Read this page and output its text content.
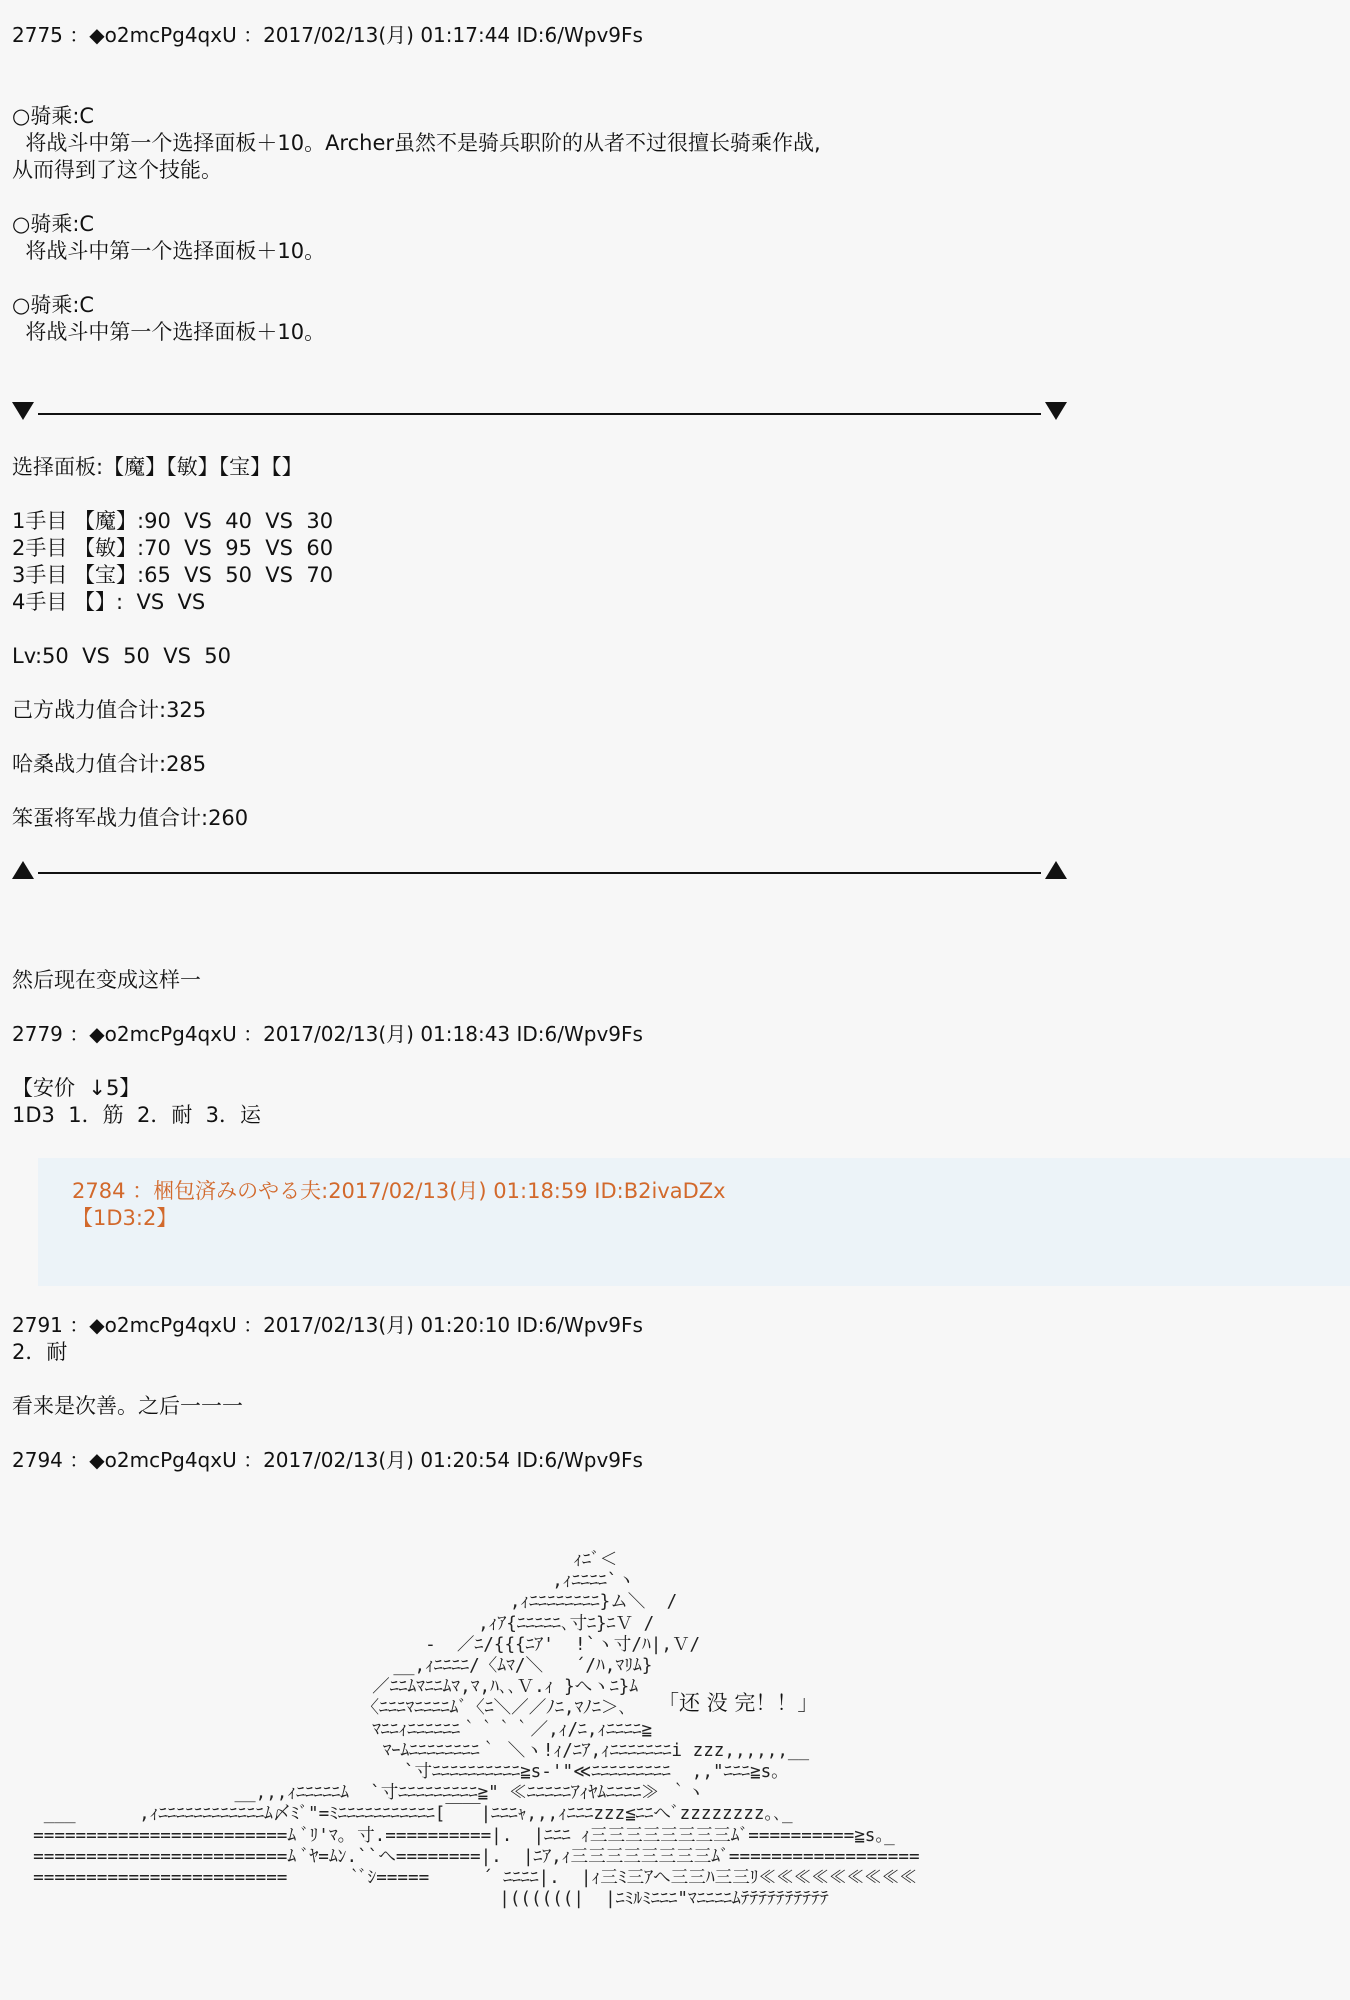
2775 ：◆o2mcPg4qxU ：2017/02/13(月) 01:17:44 ID:6/Wpv9Fs
○骑乘:C
将战斗中第一个选择面板＋10。Archer虽然不是骑兵职阶的从者不过很擅长骑乘作战,
从而得到了这个技能。
○骑乘:C
将战斗中第一个选择面板＋10。
○骑乘:C
将战斗中第一个选择面板＋10。
选择面板:【魔】【敏】【宝】【】
1手目 【魔】:90  VS  40  VS  30
2手目 【敏】:70  VS  95  VS  60
3手目 【宝】:65  VS  50  VS  70
4手目 【】:  VS  VS
Lv:50  VS  50  VS  50
己方战力值合计:325
哈桑战力值合计:285
笨蛋将军战力值合计:260
然后现在变成这样一
2779 ：◆o2mcPg4qxU ：2017/02/13(月) 01:18:43 ID:6/Wpv9Fs
【安价  ↓5】
1D3  1．筋  2．耐  3．运
2784 ：梱包済みのやる夫:2017/02/13(月) 01:18:59 ID:B2ivaDZx
【1D3:2】
2791 ：◆o2mcPg4qxU ：2017/02/13(月) 01:20:10 ID:6/Wpv9Fs
2．耐
看来是次善。之后一一一
2794 ：◆o2mcPg4qxU ：2017/02/13(月) 01:20:54 ID:6/Wpv9Fs
ｨﾆﾞ＜
,ｨﾆﾆﾆﾆ`ヽ
,ｨﾆﾆﾆﾆﾆﾆﾆﾆ}ム＼  /
,ｨｱ{ﾆﾆﾆﾆﾆ､寸ﾆ}ﾆＶ /
-  ／ﾆ/{{{ﾆｱ'  !`ヽ寸/ﾊ|,Ｖ/
__,ｨﾆﾆﾆﾆ/〈ﾑﾏ/＼   ´/ﾊ,ﾏﾘﾑ}
／ﾆﾆﾑﾏﾆﾆﾑﾏ,ﾏ,ﾊ､､Ｖ.ｨ }へヽﾆ}ﾑ
〈ﾆﾆﾆﾏﾆﾆﾆﾆﾑﾞ〈ﾆ＼／／ﾉﾆ,ﾏﾉﾆ＞､
ﾏﾆﾆｨﾆﾆﾆﾆﾆﾆ｀｀｀｀／,ｨ/ﾆ,ｨﾆﾆﾆﾆ≧
ﾏｰﾑﾆﾆﾆﾆﾆﾆﾆﾆ｀ ＼ヽ!ｨ/ﾆｱ,ｨﾆﾆﾆﾆﾆﾆﾆi zzz,,,,,,__
`寸ﾆﾆﾆﾆﾆﾆﾆﾆﾆﾆ≧s-'"≪ﾆﾆﾆﾆﾆﾆﾆﾆﾆ  ,,"ﾆﾆﾆ≧s｡
__,,,ｨﾆﾆﾆﾆﾆﾑ  `寸ﾆﾆﾆﾆﾆﾆﾆﾆﾆ≧" ≪ﾆﾆﾆﾆﾆｱｨﾔﾑﾆﾆﾆﾆ≫ ｀ヽ
___      ,ｨﾆﾆﾆﾆﾆﾆﾆﾆﾆﾆﾆﾆﾑ〆ﾐﾞ"=ﾐﾆﾆﾆﾆﾆﾆﾆﾆﾆﾆﾆ[￣￣|ﾆﾆﾆｬ,,,ｨﾆﾆﾆzzz≦ﾆﾆへﾞzzzzzzzz｡､_
========================ﾑ ﾞﾘ'ﾏ｡ 寸.==========|.  |ﾆﾆﾆ ｨ三三三三三三三三ﾑﾞ==========≧s｡_
========================ﾑ ﾞﾔ=ﾑﾝ.``へ========|.  |ﾆｱ,ｨ三三三三三三三三ﾑﾞ==================
========================      `ﾞｼ=====     ´ ﾆﾆﾆﾆ|.  |ｨ三ﾐ三ｱへ三三ﾊ三三ﾘ≪≪≪≪≪≪≪≪≪
|((((((|  |ﾆﾐﾙﾐﾆﾆﾆ"ﾏﾆﾆﾆﾆﾑﾃﾃﾃﾃﾃﾃﾃﾃﾃﾃ
「还 没 完！！」
